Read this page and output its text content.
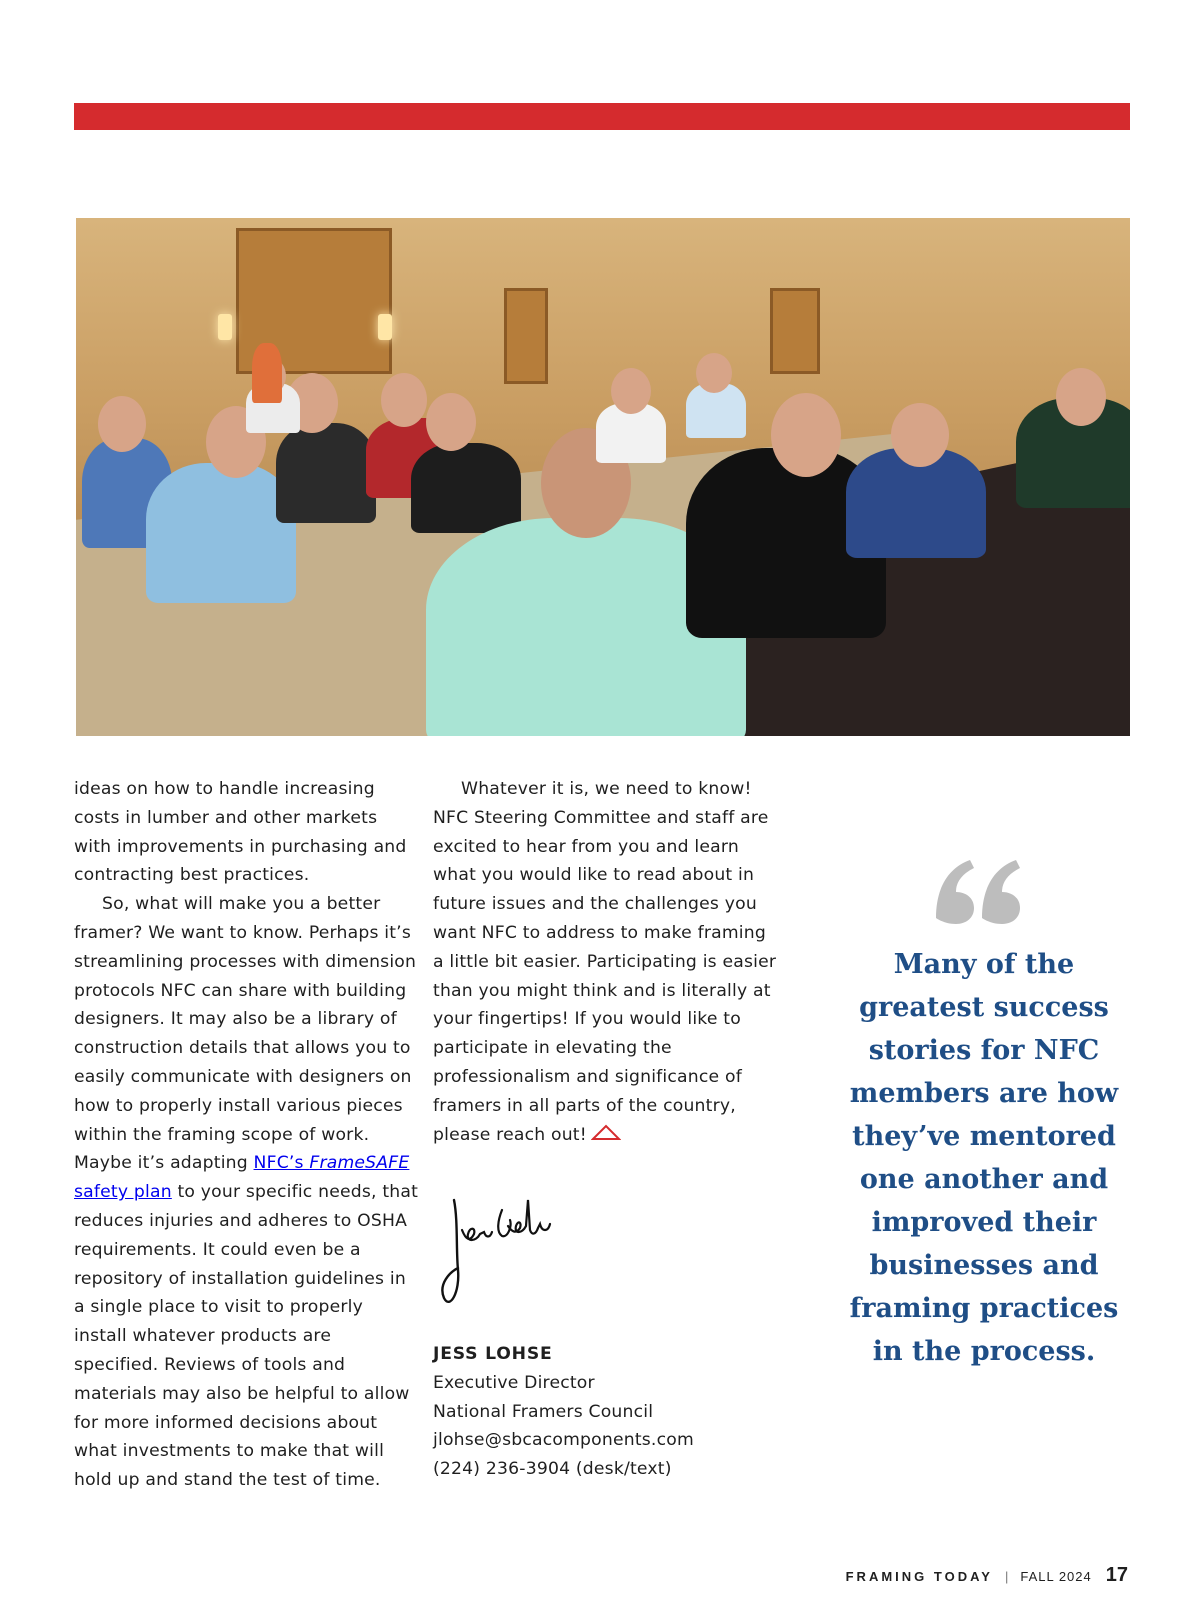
ideas on how to handle increasing costs in lumber and other markets with improvements in purchasing and contracting best practices.

So, what will make you a better framer? We want to know. Perhaps it’s streamlining processes with dimension protocols NFC can share with building designers. It may also be a library of construction details that allows you to easily communicate with designers on how to properly install various pieces within the framing scope of work. Maybe it’s adapting NFC’s FrameSAFE safety plan to your specific needs, that reduces injuries and adheres to OSHA requirements. It could even be a repository of installation guidelines in a single place to visit to properly install whatever products are specified. Reviews of tools and materials may also be helpful to allow for more informed decisions about what investments to make that will hold up and stand the test of time.

Whatever it is, we need to know! NFC Steering Committee and staff are excited to hear from you and learn what you would like to read about in future issues and the challenges you want NFC to address to make framing a little bit easier. Participating is easier than you might think and is literally at your fingertips! If you would like to participate in elevating the professionalism and significance of framers in all parts of the country, please reach out!

JESS LOHSE
Executive Director
National Framers Council
jlohse@sbcacomponents.com
(224) 236-3904 (desk/text)
Many of the greatest success stories for NFC members are how they’ve mentored one another and improved their businesses and framing practices in the process.
FRAMING TODAY | FALL 2024 17
